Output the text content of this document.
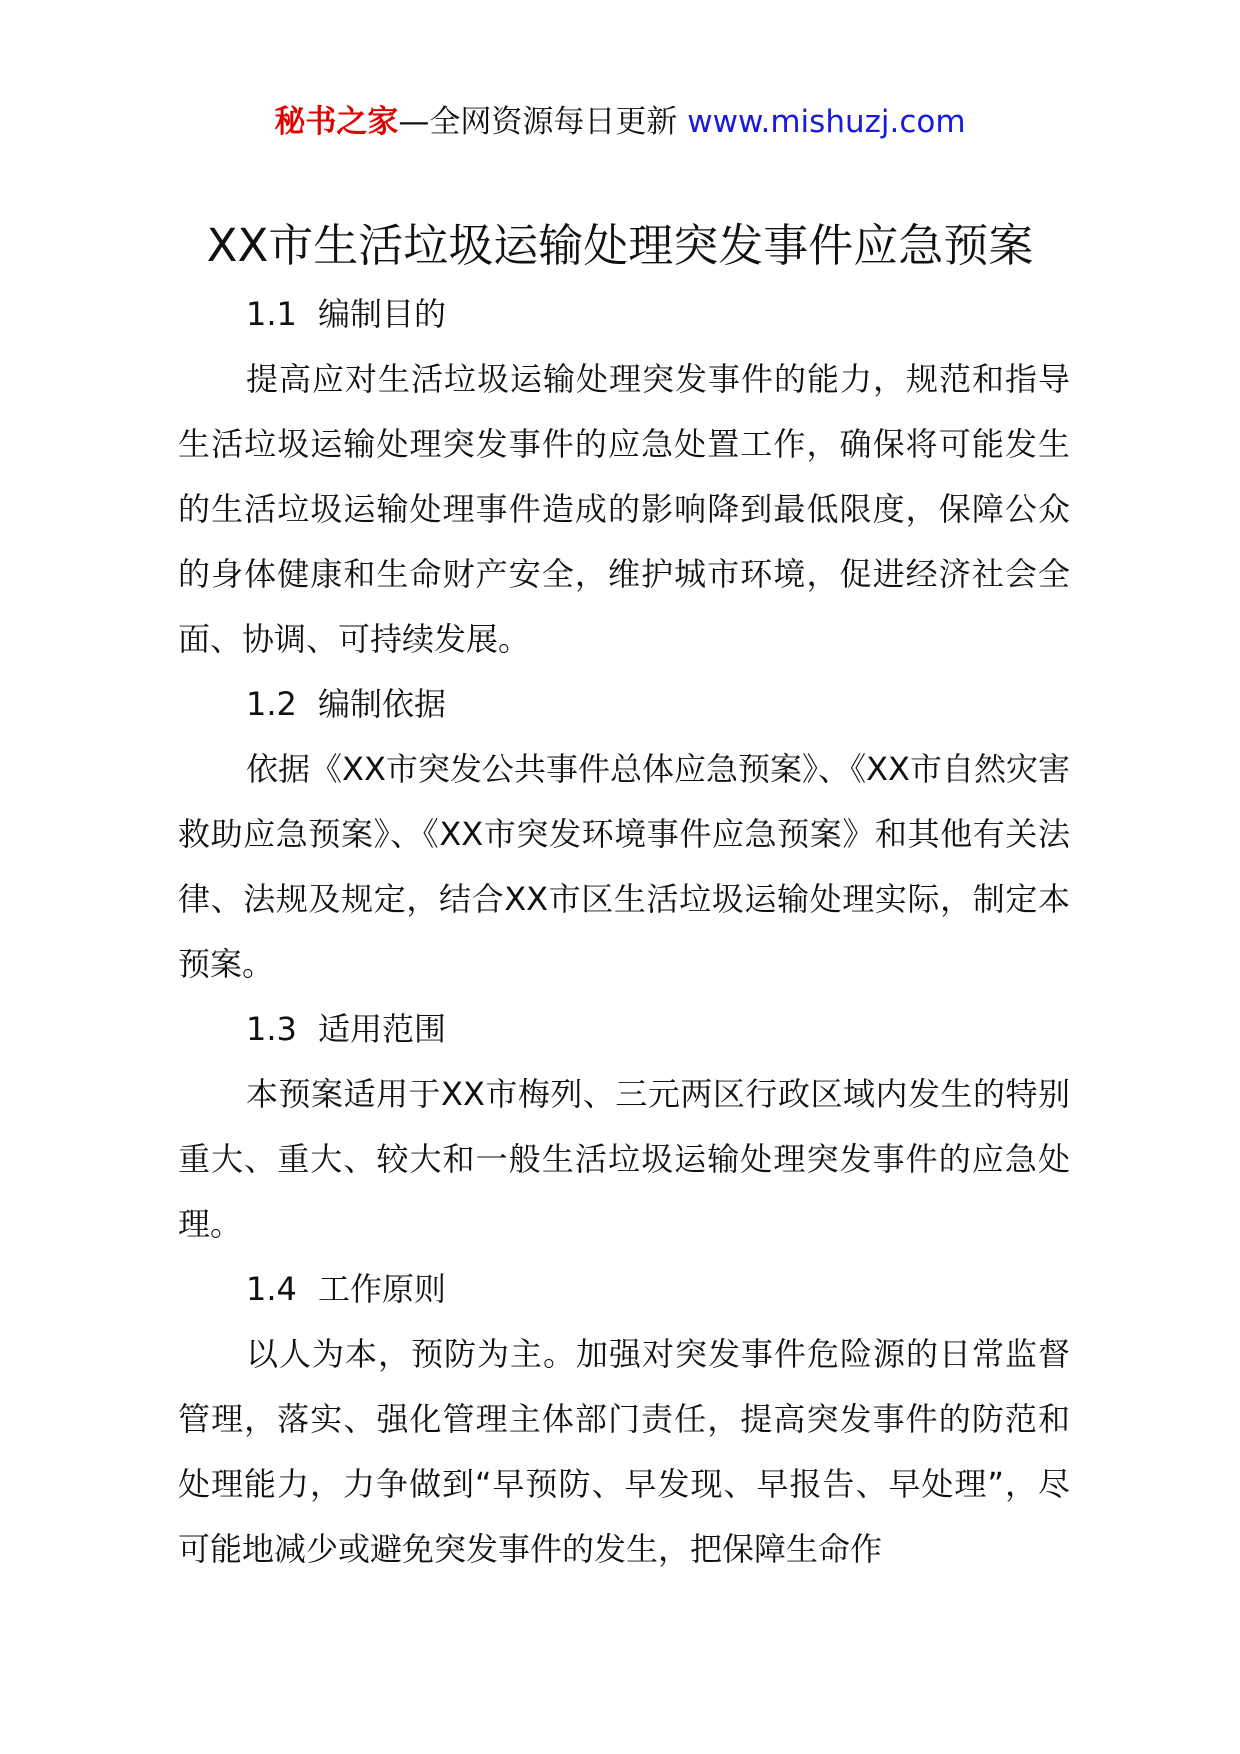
秘书之家—全网资源每日更新 www.mishuzj.com
XX市生活垃圾运输处理突发事件应急预案

1.1 编制目的

提高应对生活垃圾运输处理突发事件的能力，规范和指导生活垃圾运输处理突发事件的应急处置工作，确保将可能发生的生活垃圾运输处理事件造成的影响降到最低限度，保障公众的身体健康和生命财产安全，维护城市环境，促进经济社会全面、协调、可持续发展。

1.2 编制依据

依据《XX市突发公共事件总体应急预案》、《XX市自然灾害救助应急预案》、《XX市突发环境事件应急预案》和其他有关法律、法规及规定，结合XX市区生活垃圾运输处理实际，制定本预案。

1.3 适用范围

本预案适用于XX市梅列、三元两区行政区域内发生的特别重大、重大、较大和一般生活垃圾运输处理突发事件的应急处理。

1.4 工作原则

以人为本，预防为主。加强对突发事件危险源的日常监督管理，落实、强化管理主体部门责任，提高突发事件的防范和处理能力，力争做到“早预防、早发现、早报告、早处理”，尽可能地减少或避免突发事件的发生，把保障生命作
